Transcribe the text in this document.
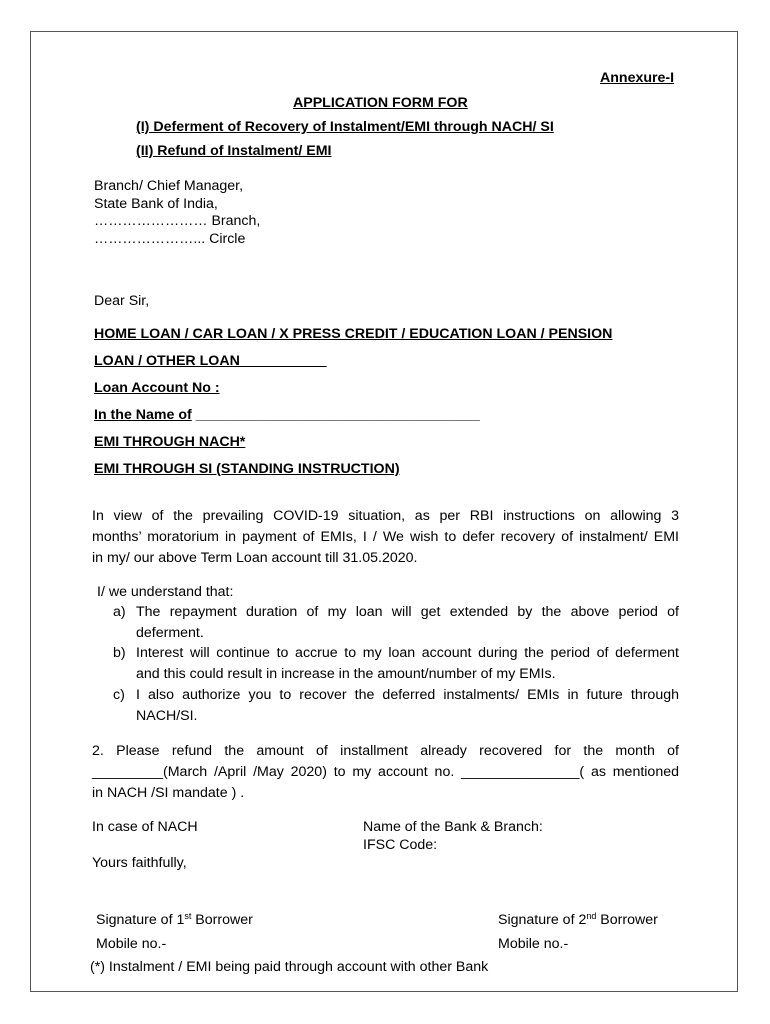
Annexure-I
APPLICATION FORM FOR
(I) Deferment of Recovery of Instalment/EMI through NACH/ SI
(II) Refund of Instalment/ EMI
Branch/ Chief Manager,
State Bank of India,
…………………… Branch,
…………………... Circle
Dear Sir,
HOME LOAN / CAR LOAN / X PRESS CREDIT / EDUCATION LOAN / PENSION
LOAN / OTHER LOAN___________
Loan Account No :
In the Name of ____________________________________
EMI THROUGH NACH*
EMI THROUGH SI (STANDING INSTRUCTION)
In view of the prevailing COVID-19 situation, as per RBI instructions on allowing 3
months’ moratorium in payment of EMIs, I / We wish to defer recovery of instalment/ EMI
in my/ our above Term Loan account till 31.05.2020.
I/ we understand that:
a) The repayment duration of my loan will get extended by the above period of
deferment.
b) Interest will continue to accrue to my loan account during the period of deferment
and this could result in increase in the amount/number of my EMIs.
c) I also authorize you to recover the deferred instalments/ EMIs in future through
NACH/SI.
2. Please refund the amount of installment already recovered for the month of
_________(March /April /May 2020) to my account no. _______________( as mentioned
in NACH /SI mandate ) .
In case of NACH	Name of the Bank & Branch:
IFSC Code:
Yours faithfully,
Signature of 1st Borrower	Signature of 2nd Borrower
Mobile no.-	Mobile no.-
(*) Instalment / EMI being paid through account with other Bank
